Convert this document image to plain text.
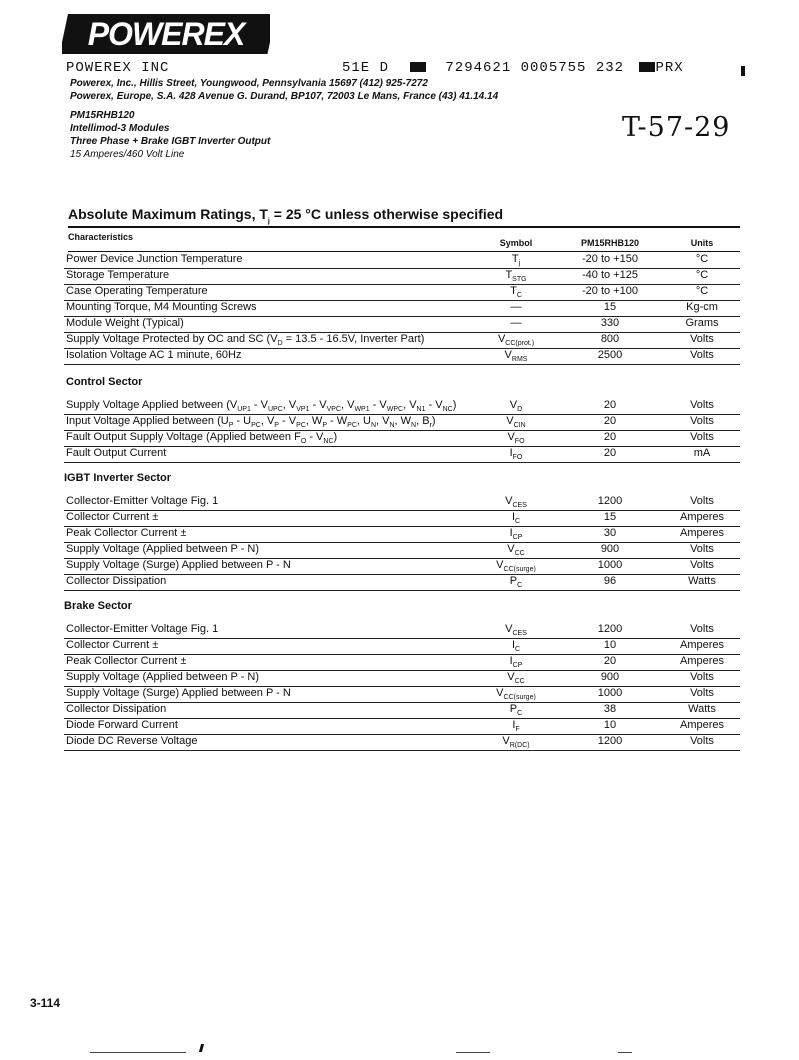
POWEREX
POWEREX INC	51E D	7294621 0005755 232 PRX
Powerex, Inc., Hillis Street, Youngwood, Pennsylvania 15697 (412) 925-7272
Powerex, Europe, S.A. 428 Avenue G. Durand, BP107, 72003 Le Mans, France (43) 41.14.14
PM15RHB120
Intellimod-3 Modules
Three Phase + Brake IGBT Inverter Output
15 Amperes/460 Volt Line
T-57-29
Absolute Maximum Ratings, $T_j = 25$ °C unless otherwise specified
Characteristics
Symbol	PM15RHB120	Units
Power Device Junction Temperature	$T_j$	-20 to +150	°C
Storage Temperature	$T_{STG}$	-40 to +125	°C
Case Operating Temperature	$T_C$	-20 to +100	°C
Mounting Torque, M4 Mounting Screws	—	15	Kg-cm
Module Weight (Typical)	—	330	Grams
Supply Voltage Protected by OC and SC ($V_D = 13.5 - 16.5V$, Inverter Part)	$V_{CC(prot.)}$	800	Volts
Isolation Voltage AC 1 minute, 60Hz	$V_{RMS}$	2500	Volts
Control Sector
Supply Voltage Applied between ($V_{UP1} - V_{UPC}$, $V_{VP1} - V_{VPC}$, $V_{WP1} - V_{WPC}$, $V_{N1} - V_{NC}$)	$V_D$	20	Volts
Input Voltage Applied between ($U_P - U_{PC}$, $V_P - V_{PC}$, $W_P - W_{PC}$, $U_N$, $V_N$, $W_N$, $B_r$)	$V_{CIN}$	20	Volts
Fault Output Supply Voltage (Applied between $F_O - V_{NC}$)	$V_{FO}$	20	Volts
Fault Output Current	$I_{FO}$	20	mA
IGBT Inverter Sector
Collector-Emitter Voltage Fig. 1	$V_{CES}$	1200	Volts
Collector Current ±	$I_C$	15	Amperes
Peak Collector Current ±	$I_{CP}$	30	Amperes
Supply Voltage (Applied between P - N)	$V_{CC}$	900	Volts
Supply Voltage (Surge) Applied between P - N	$V_{CC(surge)}$	1000	Volts
Collector Dissipation	$P_C$	96	Watts
Brake Sector
Collector-Emitter Voltage Fig. 1	$V_{CES}$	1200	Volts
Collector Current ±	$I_C$	10	Amperes
Peak Collector Current ±	$I_{CP}$	20	Amperes
Supply Voltage (Applied between P - N)	$V_{CC}$	900	Volts
Supply Voltage (Surge) Applied between P - N	$V_{CC(surge)}$	1000	Volts
Collector Dissipation	$P_C$	38	Watts
Diode Forward Current	$I_F$	10	Amperes
Diode DC Reverse Voltage	$V_{R(DC)}$	1200	Volts
3-114
